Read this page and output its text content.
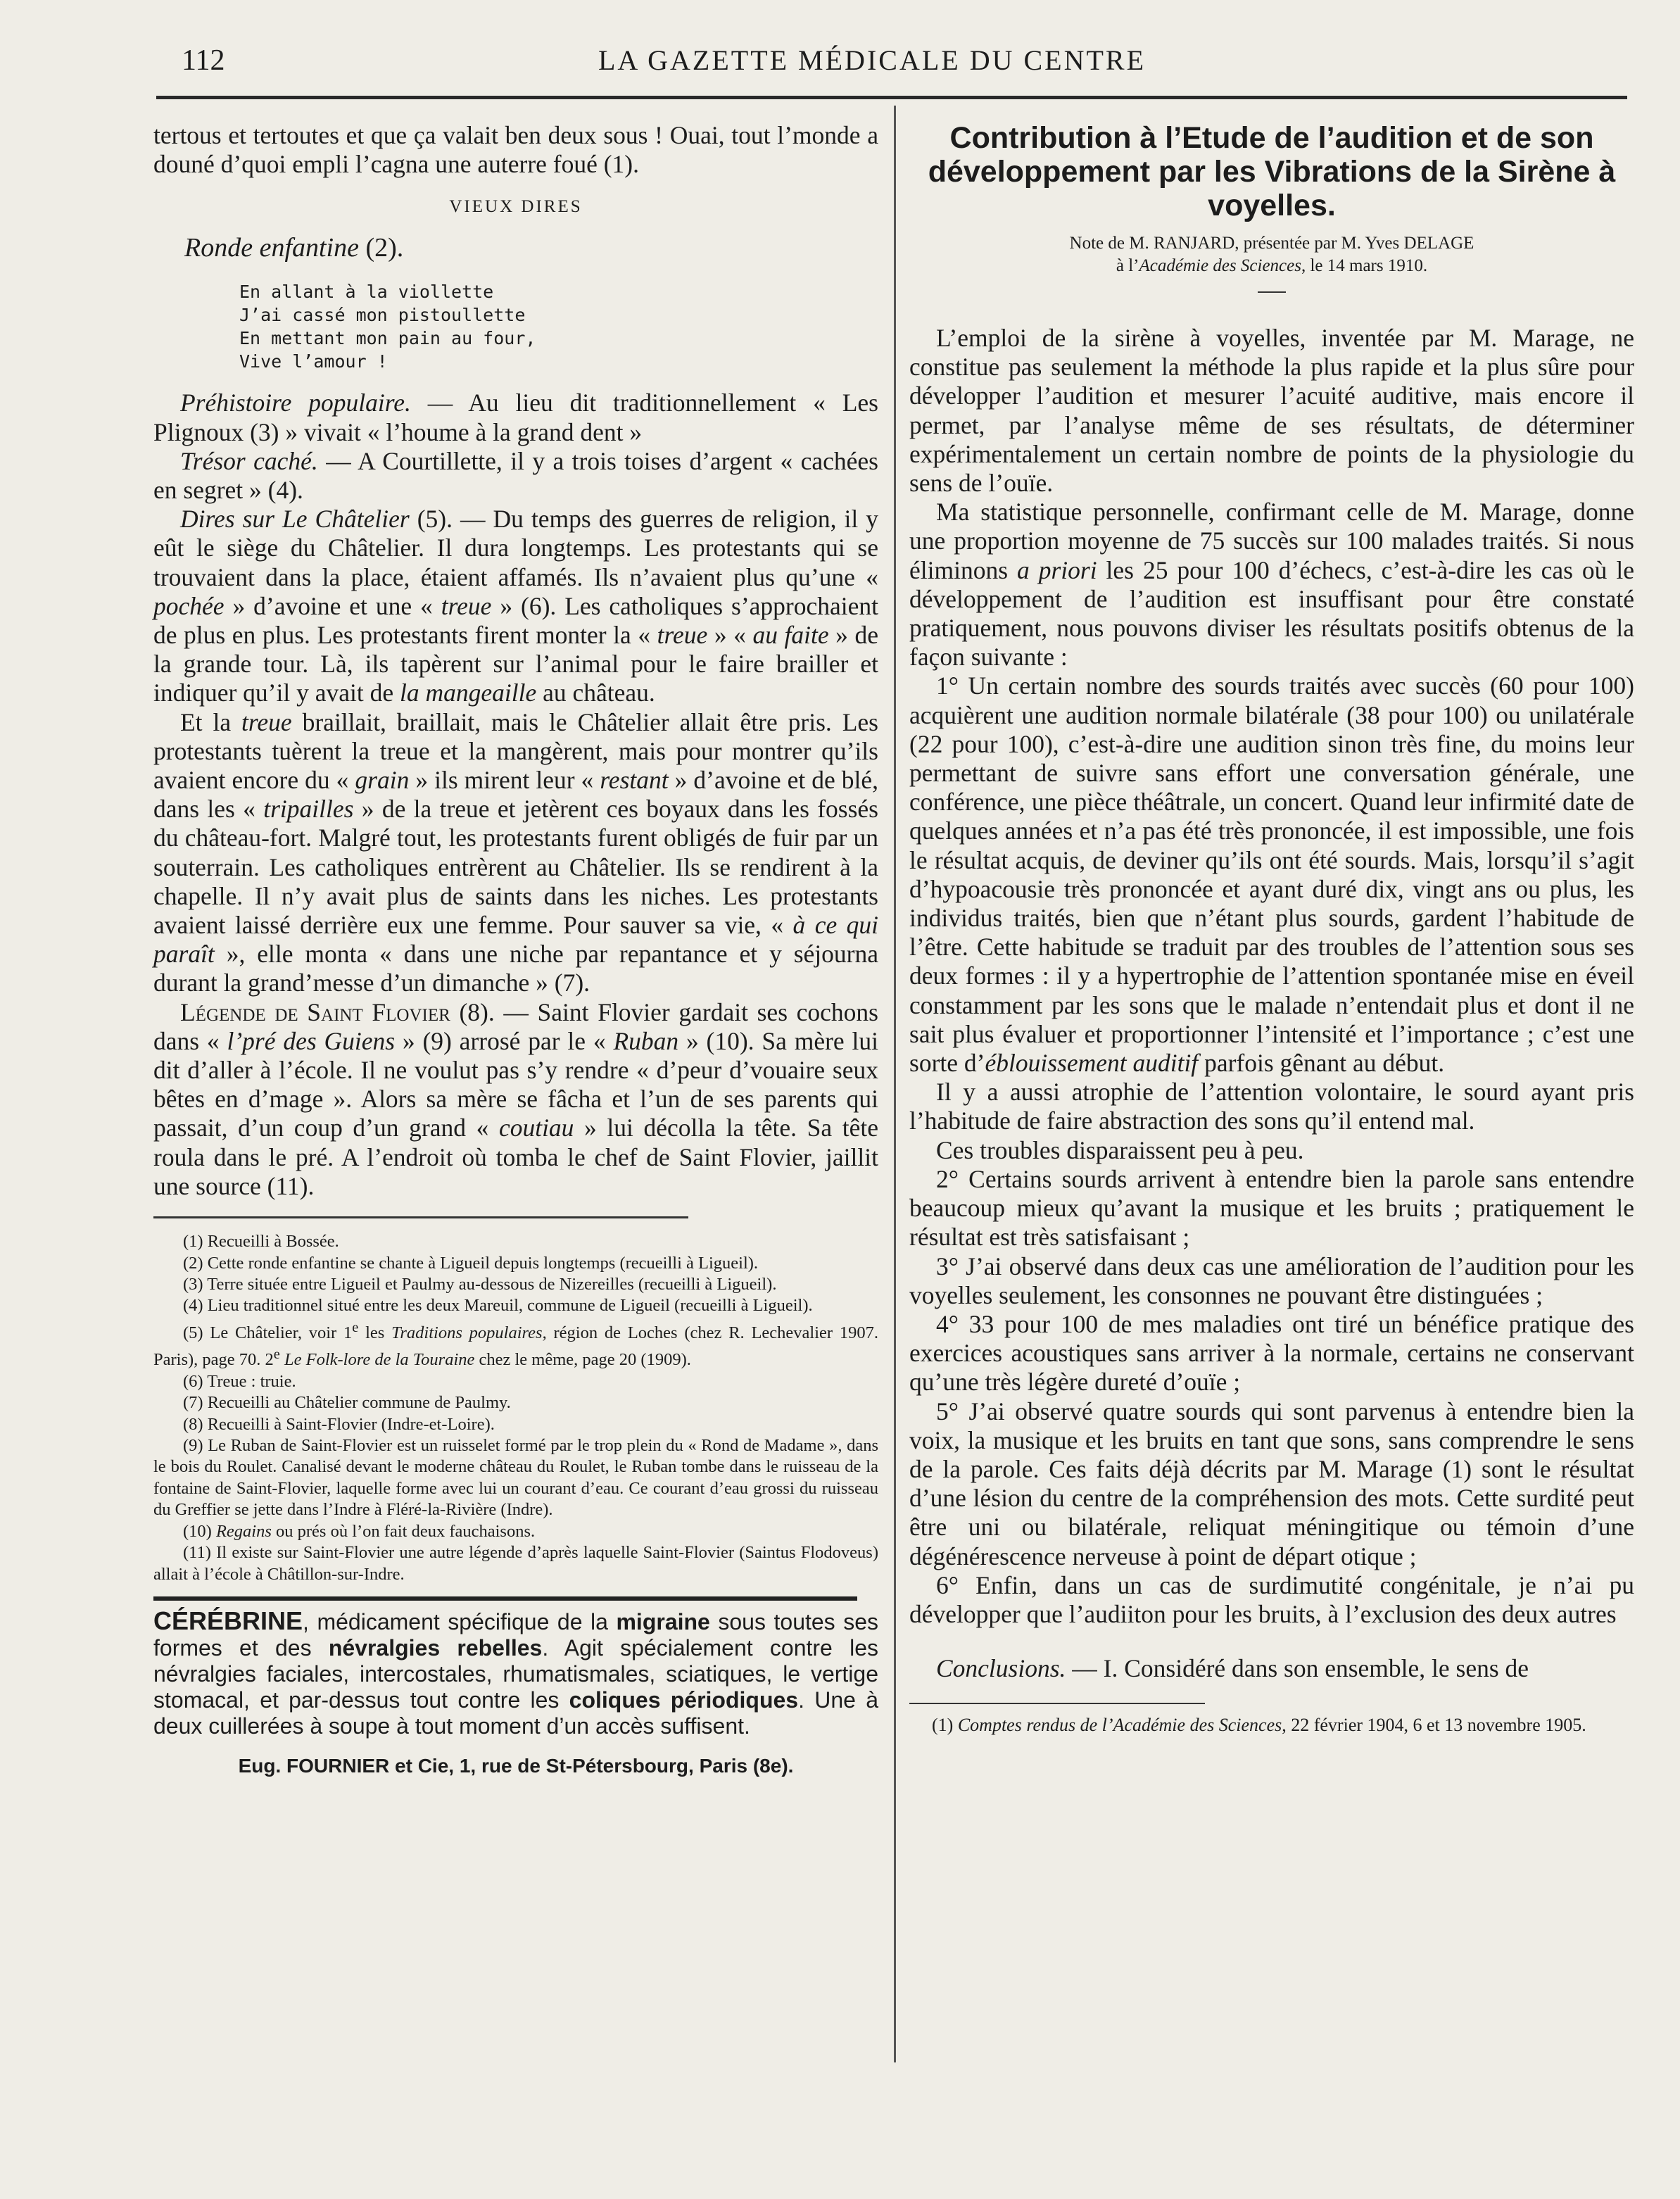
112	LA GAZETTE MÉDICALE DU CENTRE

tertous et tertoutes et que ça valait ben deux sous ! Ouai, tout l’monde a douné d’quoi empli l’cagna une auterre foué (1).

VIEUX DIRES
Ronde enfantine (2).
En allant à la viollette
J’ai cassé mon pistoullette
En mettant mon pain au four,
Vive l’amour !

Préhistoire populaire. — Au lieu dit traditionnellement « Les Plignoux (3) » vivait « l’houme à la grand dent »

Trésor caché. — A Courtillette, il y a trois toises d’argent « cachées en segret » (4).

Dires sur Le Châtelier (5). — Du temps des guerres de religion, il y eût le siège du Châtelier. Il dura longtemps. Les protestants qui se trouvaient dans la place, étaient affamés. Ils n’avaient plus qu’une « pochée » d’avoine et une « treue » (6). Les catholiques s’approchaient de plus en plus. Les protestants firent monter la « treue » « au faite » de la grande tour. Là, ils tapèrent sur l’animal pour le faire brailler et indiquer qu’il y avait de la mangeaille au château.

Et la treue braillait, braillait, mais le Châtelier allait être pris. Les protestants tuèrent la treue et la mangèrent, mais pour montrer qu’ils avaient encore du « grain » ils mirent leur « restant » d’avoine et de blé, dans les « tripailles » de la treue et jetèrent ces boyaux dans les fossés du château-fort. Malgré tout, les protestants furent obligés de fuir par un souterrain. Les catholiques entrèrent au Châtelier. Ils se rendirent à la chapelle. Il n’y avait plus de saints dans les niches. Les protestants avaient laissé derrière eux une femme. Pour sauver sa vie, « à ce qui paraît », elle monta « dans une niche par repantance et y séjourna durant la grand’messe d’un dimanche » (7).

Légende de Saint Flovier (8). — Saint Flovier gardait ses cochons dans « l’pré des Guiens » (9) arrosé par le « Ruban » (10). Sa mère lui dit d’aller à l’école. Il ne voulut pas s’y rendre « d’peur d’vouaire seux bêtes en d’mage ». Alors sa mère se fâcha et l’un de ses parents qui passait, d’un coup d’un grand « coutiau » lui décolla la tête. Sa tête roula dans le pré. A l’endroit où tomba le chef de Saint Flovier, jaillit une source (11).

(1) Recueilli à Bossée.

(2) Cette ronde enfantine se chante à Ligueil depuis longtemps (recueilli à Ligueil).

(3) Terre située entre Ligueil et Paulmy au-dessous de Nizereilles (recueilli à Ligueil).

(4) Lieu traditionnel situé entre les deux Mareuil, commune de Ligueil (recueilli à Ligueil).

(5) Le Châtelier, voir 1e les Traditions populaires, région de Loches (chez R. Lechevalier 1907. Paris), page 70. 2e Le Folk-lore de la Touraine chez le même, page 20 (1909).

(6) Treue : truie.

(7) Recueilli au Châtelier commune de Paulmy.

(8) Recueilli à Saint-Flovier (Indre-et-Loire).

(9) Le Ruban de Saint-Flovier est un ruisselet formé par le trop plein du « Rond de Madame », dans le bois du Roulet. Canalisé devant le moderne château du Roulet, le Ruban tombe dans le ruisseau de la fontaine de Saint-Flovier, laquelle forme avec lui un courant d’eau. Ce courant d’eau grossi du ruisseau du Greffier se jette dans l’Indre à Fléré-la-Rivière (Indre).

(10) Regains ou prés où l’on fait deux fauchaisons.

(11) Il existe sur Saint-Flovier une autre légende d’après laquelle Saint-Flovier (Saintus Flodoveus) allait à l’école à Châtillon-sur-Indre.

CÉRÉBRINE, médicament spécifique de la migraine sous toutes ses formes et des névralgies rebelles. Agit spécialement contre les névralgies faciales, intercostales, rhumatismales, sciatiques, le vertige stomacal, et par-dessus tout contre les coliques périodiques. Une à deux cuillerées à soupe à tout moment d’un accès suffisent.

Eug. FOURNIER et Cie, 1, rue de St-Pétersbourg, Paris (8e).

Contribution à l’Etude de l’audition et de son développement par les Vibrations de la Sirène à voyelles.

Note de M. RANJARD, présentée par M. Yves DELAGE

à l’Académie des Sciences, le 14 mars 1910.

L’emploi de la sirène à voyelles, inventée par M. Marage, ne constitue pas seulement la méthode la plus rapide et la plus sûre pour développer l’audition et mesurer l’acuité auditive, mais encore il permet, par l’analyse même de ses résultats, de déterminer expérimentalement un certain nombre de points de la physiologie du sens de l’ouïe.

Ma statistique personnelle, confirmant celle de M. Marage, donne une proportion moyenne de 75 succès sur 100 malades traités. Si nous éliminons a priori les 25 pour 100 d’échecs, c’est-à-dire les cas où le développement de l’audition est insuffisant pour être constaté pratiquement, nous pouvons diviser les résultats positifs obtenus de la façon suivante :

1° Un certain nombre des sourds traités avec succès (60 pour 100) acquièrent une audition normale bilatérale (38 pour 100) ou unilatérale (22 pour 100), c’est-à-dire une audition sinon très fine, du moins leur permettant de suivre sans effort une conversation générale, une conférence, une pièce théâtrale, un concert. Quand leur infirmité date de quelques années et n’a pas été très prononcée, il est impossible, une fois le résultat acquis, de deviner qu’ils ont été sourds. Mais, lorsqu’il s’agit d’hypoacousie très prononcée et ayant duré dix, vingt ans ou plus, les individus traités, bien que n’étant plus sourds, gardent l’habitude de l’être. Cette habitude se traduit par des troubles de l’attention sous ses deux formes : il y a hypertrophie de l’attention spontanée mise en éveil constamment par les sons que le malade n’entendait plus et dont il ne sait plus évaluer et proportionner l’intensité et l’importance ; c’est une sorte d’éblouissement auditif parfois gênant au début.

Il y a aussi atrophie de l’attention volontaire, le sourd ayant pris l’habitude de faire abstraction des sons qu’il entend mal.

Ces troubles disparaissent peu à peu.

2° Certains sourds arrivent à entendre bien la parole sans entendre beaucoup mieux qu’avant la musique et les bruits ; pratiquement le résultat est très satisfaisant ;

3° J’ai observé dans deux cas une amélioration de l’audition pour les voyelles seulement, les consonnes ne pouvant être distinguées ;

4° 33 pour 100 de mes maladies ont tiré un bénéfice pratique des exercices acoustiques sans arriver à la normale, certains ne conservant qu’une très légère dureté d’ouïe ;

5° J’ai observé quatre sourds qui sont parvenus à entendre bien la voix, la musique et les bruits en tant que sons, sans comprendre le sens de la parole. Ces faits déjà décrits par M. Marage (1) sont le résultat d’une lésion du centre de la compréhension des mots. Cette surdité peut être uni ou bilatérale, reliquat méningitique ou témoin d’une dégénérescence nerveuse à point de départ otique ;

6° Enfin, dans un cas de surdimutité congénitale, je n’ai pu développer que l’audiiton pour les bruits, à l’exclusion des deux autres

Conclusions. — I. Considéré dans son ensemble, le sens de

(1) Comptes rendus de l’Académie des Sciences, 22 février 1904, 6 et 13 novembre 1905.
